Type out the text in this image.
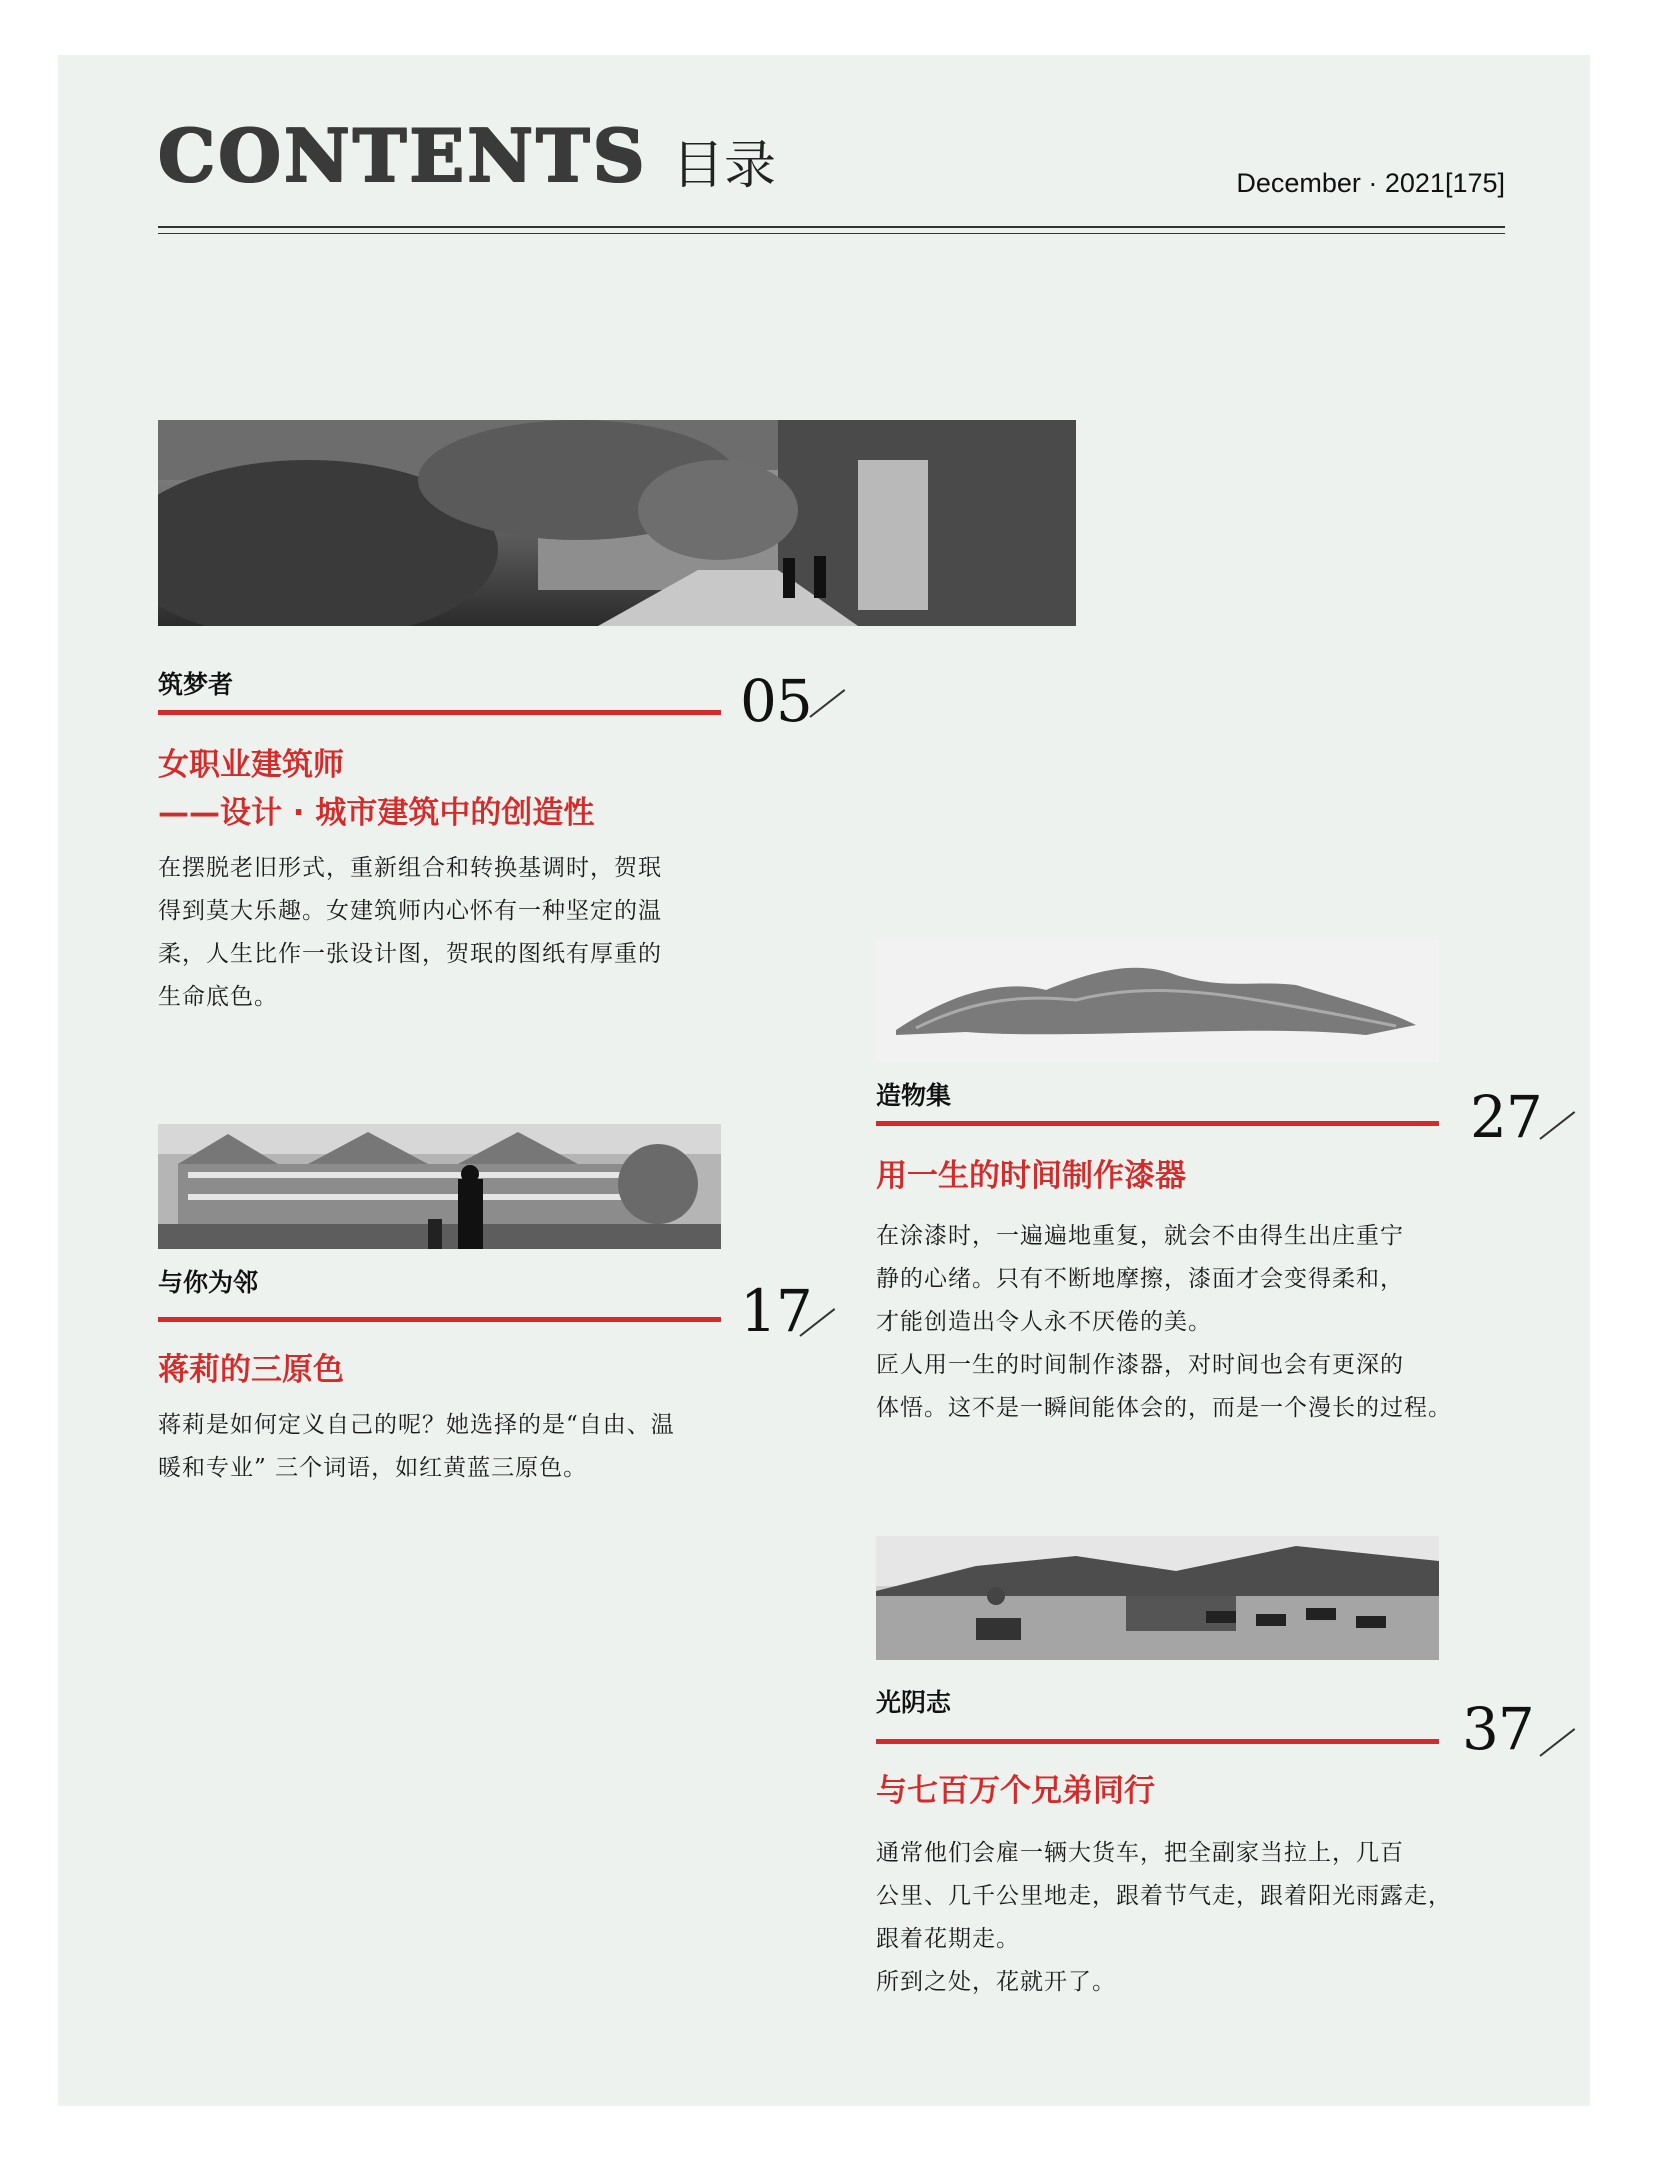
CONTENTS 目录	December · 2021[175]
筑梦者	05
女职业建筑师
——设计 · 城市建筑中的创造性
在摆脱老旧形式，重新组合和转换基调时，贺珉
得到莫大乐趣。女建筑师内心怀有一种坚定的温
柔，人生比作一张设计图，贺珉的图纸有厚重的
生命底色。
与你为邻	17
蒋莉的三原色
蒋莉是如何定义自己的呢？她选择的是“自由、温
暖和专业” 三个词语，如红黄蓝三原色。
造物集	27
用一生的时间制作漆器
在涂漆时，一遍遍地重复，就会不由得生出庄重宁
静的心绪。只有不断地摩擦，漆面才会变得柔和，
才能创造出令人永不厌倦的美。
匠人用一生的时间制作漆器，对时间也会有更深的
体悟。这不是一瞬间能体会的，而是一个漫长的过程。
光阴志	37
与七百万个兄弟同行
通常他们会雇一辆大货车，把全副家当拉上，几百
公里、几千公里地走，跟着节气走，跟着阳光雨露走，
跟着花期走。
所到之处，花就开了。
